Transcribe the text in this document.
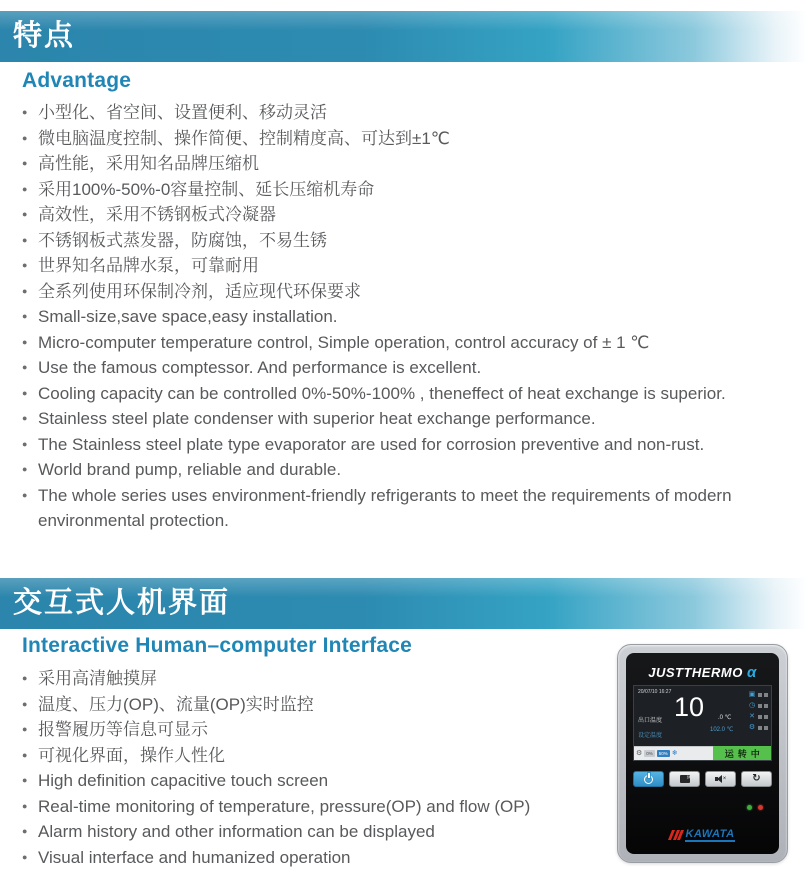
特点
Advantage
● 小型化、省空间、设置便利、移动灵活
● 微电脑温度控制、操作简便、控制精度高、可达到±1℃
● 高性能，采用知名品牌压缩机
● 采用100%-50%-0容量控制、延长压缩机寿命
● 高效性，采用不锈钢板式冷凝器
● 不锈钢板式蒸发器，防腐蚀，不易生锈
● 世界知名品牌水泵，可靠耐用
● 全系列使用环保制冷剂，适应现代环保要求
● Small-size,save space,easy installation.
● Micro-computer temperature control, Simple operation, control accuracy of ± 1 ℃
● Use the famous comptessor. And performance is excellent.
● Cooling capacity can be controlled 0%-50%-100% , theneffect of heat exchange is superior.
● Stainless steel plate condenser with superior heat exchange performance.
● The Stainless steel plate type evaporator are used for corrosion preventive and non-rust.
● World brand pump, reliable and durable.
● The whole series uses environment-friendly refrigerants to meet the requirements of modern environmental protection.
交互式人机界面
Interactive Human–computer Interface
● 采用高清触摸屏
● 温度、压力(OP)、流量(OP)实时监控
● 报警履历等信息可显示
● 可视化界面，操作人性化
● High definition capacitive touch screen
● Real-time monitoring of temperature, pressure(OP) and flow (OP)
● Alarm history and other information can be displayed
● Visual interface and humanized operation
JUSTTHERMO α
20/07/10 16:27
出口温度
设定温度
10 .0 ℃
102.0 ℃
▣
◷
✕
⚙
⚙ 0%	50% ❄	运转中
»
×	↻
KAWATA
